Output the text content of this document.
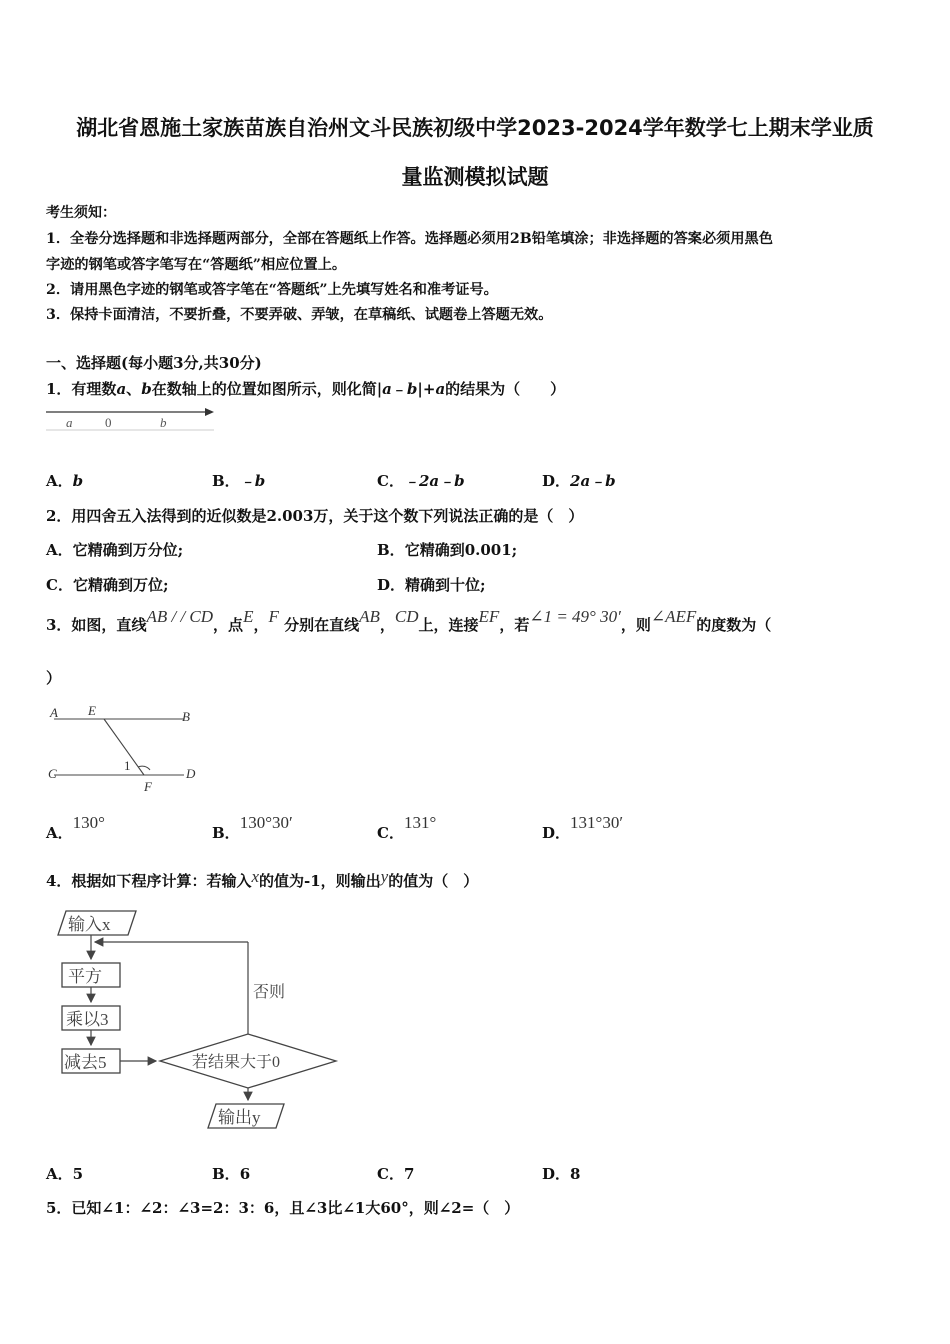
湖北省恩施土家族苗族自治州文斗民族初级中学2023-2024学年数学七上期末学业质
量监测模拟试题
考生须知：
1．全卷分选择题和非选择题两部分，全部在答题纸上作答。选择题必须用2B铅笔填涂；非选择题的答案必须用黑色
字迹的钢笔或答字笔写在“答题纸”相应位置上。
2．请用黑色字迹的钢笔或答字笔在“答题纸”上先填写姓名和准考证号。
3．保持卡面清洁，不要折叠，不要弄破、弄皱，在草稿纸、试题卷上答题无效。
一、选择题(每小题3分,共30分)
1．有理数a、b在数轴上的位置如图所示，则化简|a﹣b|+a的结果为（　　）
a	0	b
A．b	B．﹣b	C．﹣2a﹣b	D．2a﹣b
2．用四舍五入法得到的近似数是2.003万，关于这个数下列说法正确的是（　）
A．它精确到万分位;	B．它精确到0.001;
C．它精确到万位;	D．精确到十位;
3．如图，直线AB / / CD，点E，F 分别在直线AB，CD上，连接EF，若∠1 = 49° 30′，则∠AEF的度数为（
）
A E	B
C
1
F
D
A．130°
B．130°30′
C．131°
D．131°30′
4．根据如下程序计算：若输入x的值为-1，则输出y的值为（　）
输入x
平方
乘以3
减去5	若结果大于0
否则
输出y
A．5	B．6	C．7	D．8
5．已知∠1：∠2：∠3=2：3：6，且∠3比∠1大60°，则∠2=（　）
